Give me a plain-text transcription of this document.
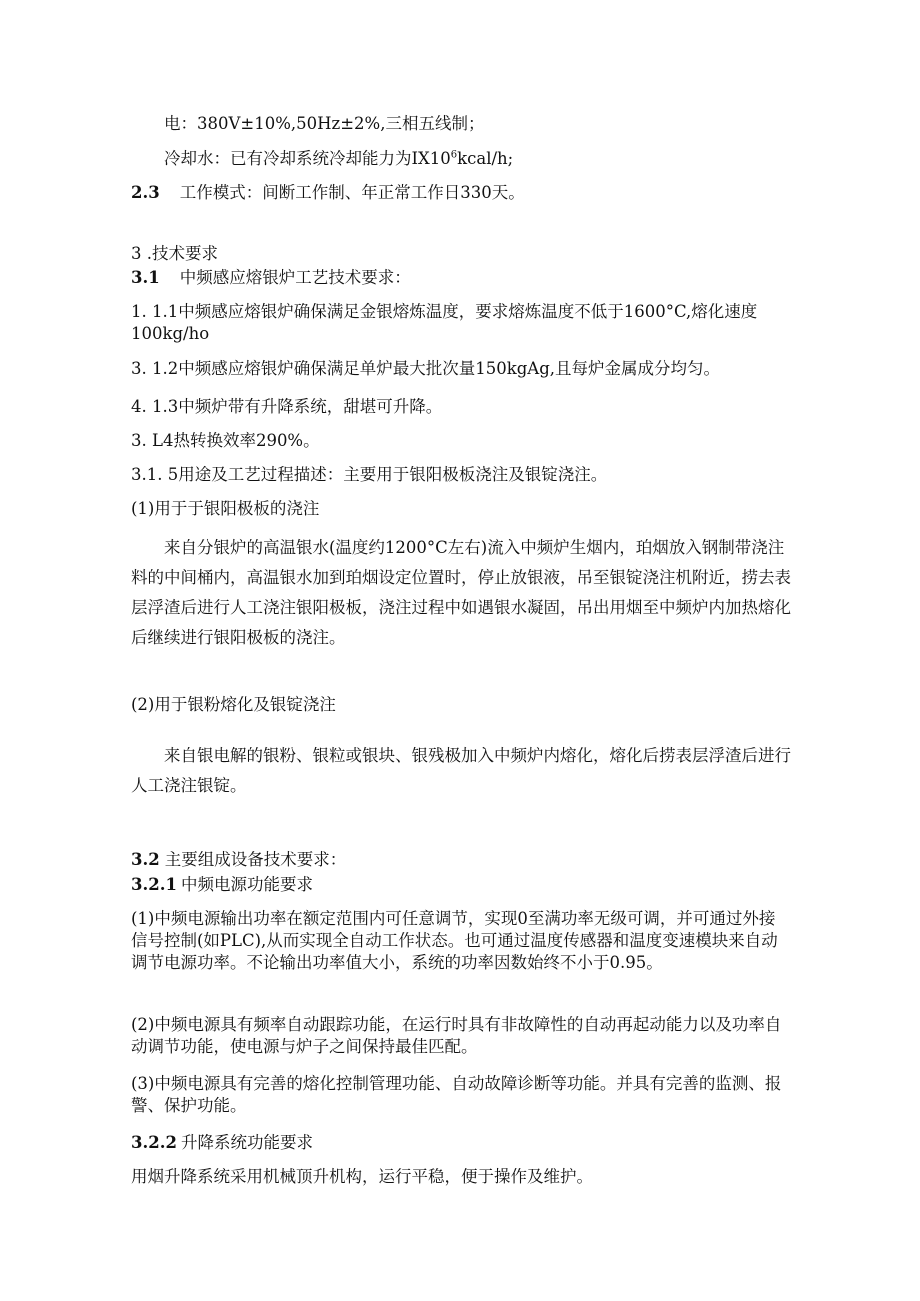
电：380V±10%,50Hz±2%,三相五线制；
冷却水：已有冷却系统冷却能力为$IX10^6kcal/h$;
2.3 工作模式：间断工作制、年正常工作日330天。
3 .技术要求
3.1 中频感应熔银炉工艺技术要求：
1. 1.1中频感应熔银炉确保满足金银熔炼温度，要求熔炼温度不低于1600°C,熔化速度100kg/ho
3. 1.2中频感应熔银炉确保满足单炉最大批次量150kgAg,且每炉金属成分均匀。
4. 1.3中频炉带有升降系统，甜堪可升降。
3. L4热转换效率290%。
3.1. 5用途及工艺过程描述：主要用于银阳极板浇注及银锭浇注。
(1)用于于银阳极板的浇注
来自分银炉的高温银水(温度约1200°C左右)流入中频炉生烟内，珀烟放入钢制带浇注料的中间桶内，高温银水加到珀烟设定位置时，停止放银液，吊至银锭浇注机附近，捞去表层浮渣后进行人工浇注银阳极板，浇注过程中如遇银水凝固，吊出用烟至中频炉内加热熔化后继续进行银阳极板的浇注。
(2)用于银粉熔化及银锭浇注
来自银电解的银粉、银粒或银块、银残极加入中频炉内熔化，熔化后捞表层浮渣后进行人工浇注银锭。
3.2 主要组成设备技术要求：
3.2.1 中频电源功能要求
(1)中频电源输出功率在额定范围内可任意调节，实现0至满功率无级可调，并可通过外接信号控制(如PLC),从而实现全自动工作状态。也可通过温度传感器和温度变速模块来自动调节电源功率。不论输出功率值大小，系统的功率因数始终不小于0.95。
(2)中频电源具有频率自动跟踪功能，在运行时具有非故障性的自动再起动能力以及功率自动调节功能，使电源与炉子之间保持最佳匹配。
(3)中频电源具有完善的熔化控制管理功能、自动故障诊断等功能。并具有完善的监测、报警、保护功能。
3.2.2 升降系统功能要求
用烟升降系统采用机械顶升机构，运行平稳，便于操作及维护。
